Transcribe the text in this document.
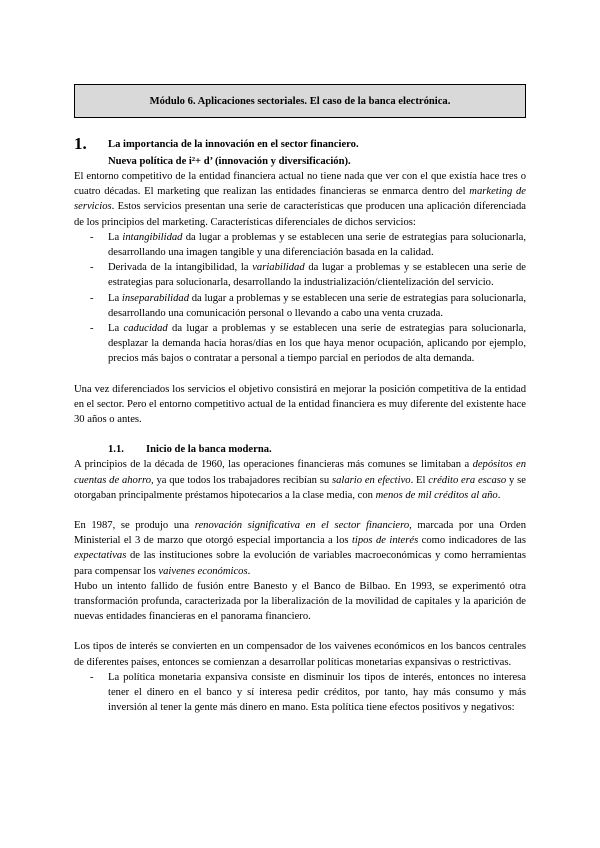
Módulo 6. Aplicaciones sectoriales. El caso de la banca electrónica.
1.	La importancia de la innovación en el sector financiero.
Nueva política de i²+ d’ (innovación y diversificación).

El entorno competitivo de la entidad financiera actual no tiene nada que ver con el que existía hace tres o cuatro décadas. El marketing que realizan las entidades financieras se enmarca dentro del marketing de servicios. Estos servicios presentan una serie de características que producen una aplicación diferenciada de los principios del marketing. Características diferenciales de dichos servicios:

- La intangibilidad da lugar a problemas y se establecen una serie de estrategias para solucionarla, desarrollando una imagen tangible y una diferenciación basada en la calidad.
- Derivada de la intangibilidad, la variabilidad da lugar a problemas y se establecen una serie de estrategias para solucionarla, desarrollando la industrialización/clientelización del servicio.
- La inseparabilidad da lugar a problemas y se establecen una serie de estrategias para solucionarla, desarrollando una comunicación personal o llevando a cabo una venta cruzada.
- La caducidad da lugar a problemas y se establecen una serie de estrategias para solucionarla, desplazar la demanda hacia horas/días en los que haya menor ocupación, aplicando por ejemplo, precios más bajos o contratar a personal a tiempo parcial en periodos de alta demanda.

Una vez diferenciados los servicios el objetivo consistirá en mejorar la posición competitiva de la entidad en el sector. Pero el entorno competitivo actual de la entidad financiera es muy diferente del existente hace 30 años o antes.

1.1.	Inicio de la banca moderna.

A principios de la década de 1960, las operaciones financieras más comunes se limitaban a depósitos en cuentas de ahorro, ya que todos los trabajadores recibían su salario en efectivo. El crédito era escaso y se otorgaban principalmente préstamos hipotecarios a la clase media, con menos de mil créditos al año.

En 1987, se produjo una renovación significativa en el sector financiero, marcada por una Orden Ministerial el 3 de marzo que otorgó especial importancia a los tipos de interés como indicadores de las expectativas de las instituciones sobre la evolución de variables macroeconómicas y como herramientas para compensar los vaivenes económicos.

Hubo un intento fallido de fusión entre Banesto y el Banco de Bilbao. En 1993, se experimentó otra transformación profunda, caracterizada por la liberalización de la movilidad de capitales y la aparición de nuevas entidades financieras en el panorama financiero.

Los tipos de interés se convierten en un compensador de los vaivenes económicos en los bancos centrales de diferentes países, entonces se comienzan a desarrollar políticas monetarias expansivas o restrictivas.

- La política monetaria expansiva consiste en disminuir los tipos de interés, entonces no interesa tener el dinero en el banco y sí interesa pedir créditos, por tanto, hay más consumo y más inversión al tener la gente más dinero en mano. Esta política tiene efectos positivos y negativos:
